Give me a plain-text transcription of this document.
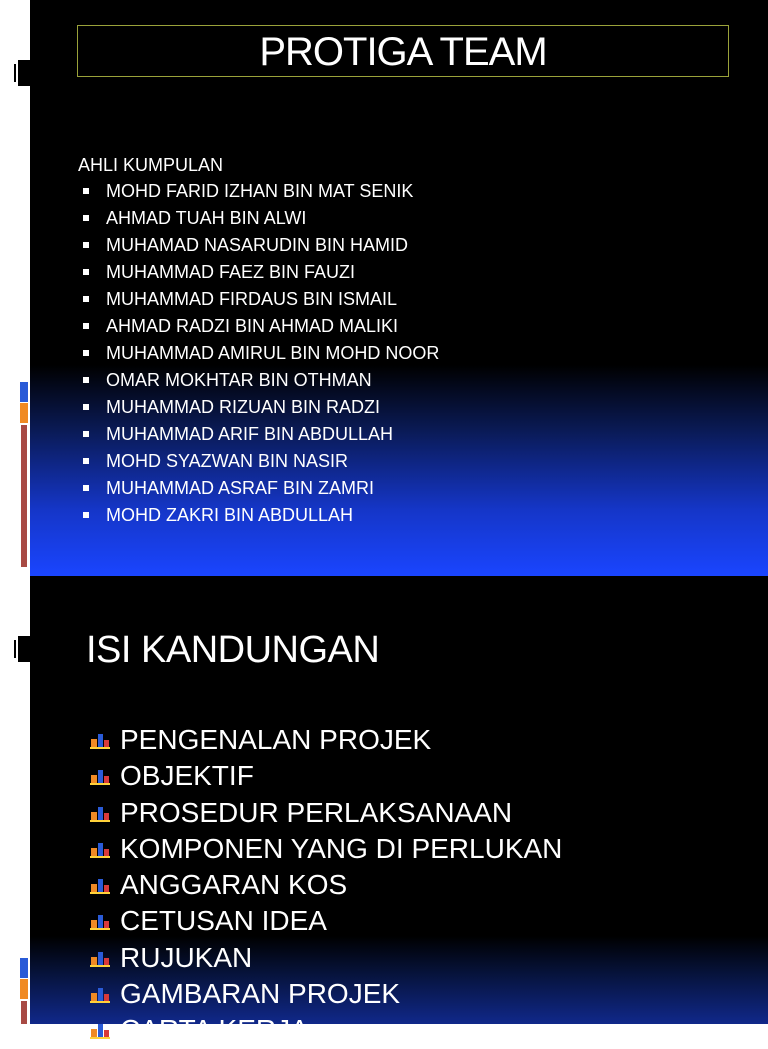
PROTIGA TEAM
AHLI KUMPULAN
MOHD FARID IZHAN BIN MAT SENIK
AHMAD TUAH BIN ALWI
MUHAMAD NASARUDIN BIN HAMID
MUHAMMAD FAEZ BIN FAUZI
MUHAMMAD FIRDAUS BIN ISMAIL
AHMAD RADZI BIN AHMAD MALIKI
MUHAMMAD AMIRUL BIN MOHD NOOR
OMAR MOKHTAR BIN OTHMAN
MUHAMMAD RIZUAN BIN RADZI
MUHAMMAD ARIF BIN ABDULLAH
MOHD SYAZWAN BIN NASIR
MUHAMMAD ASRAF BIN ZAMRI
MOHD ZAKRI BIN ABDULLAH
ISI KANDUNGAN
PENGENALAN PROJEK
OBJEKTIF
PROSEDUR PERLAKSANAAN
KOMPONEN YANG DI PERLUKAN
ANGGARAN KOS
CETUSAN IDEA
RUJUKAN
GAMBARAN PROJEK
CARTA KERJA
